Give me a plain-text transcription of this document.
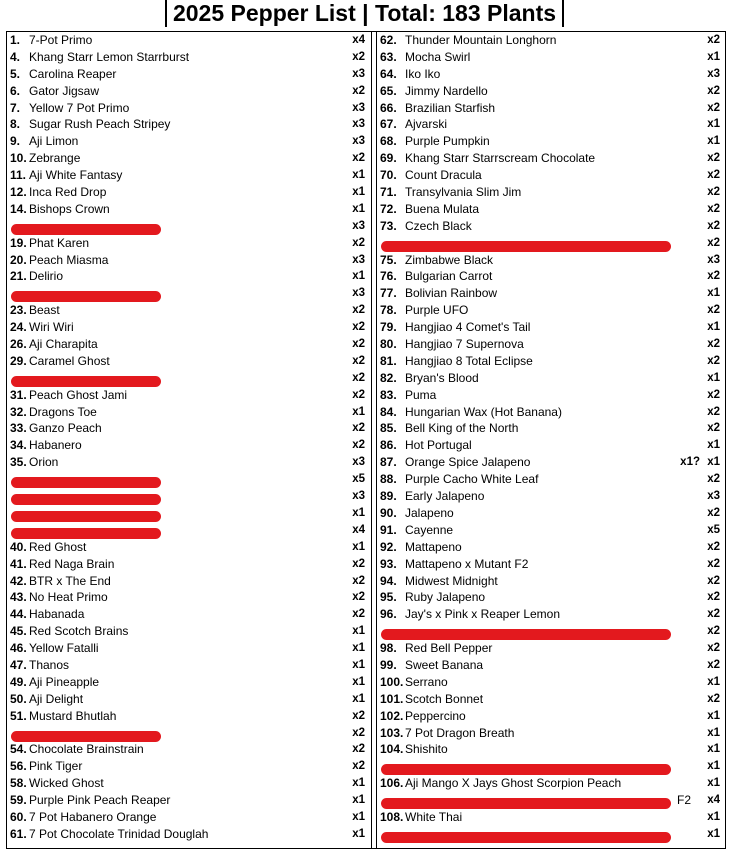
2025 Pepper List | Total: 183 Plants
1. 7-Pot Primo	x4
4. Khang Starr Lemon Starrburst	x2
5. Carolina Reaper	x3
6. Gator Jigsaw	x2
7. Yellow 7 Pot Primo	x3
8. Sugar Rush Peach Stripey	x3
9. Aji Limon	x3
10. Zebrange	x2
11. Aji White Fantasy	x1
12. Inca Red Drop	x1
14. Bishops Crown	x1
x3
19. Phat Karen	x2
20. Peach Miasma	x3
21. Delirio	x1
x3
23. Beast	x2
24. Wiri Wiri	x2
26. Aji Charapita	x2
29. Caramel Ghost	x2
x2
31. Peach Ghost Jami	x2
32. Dragons Toe	x1
33. Ganzo Peach	x2
34. Habanero	x2
35. Orion	x3
x5
x3
x1
x4
40. Red Ghost	x1
41. Red Naga Brain	x2
42. BTR x The End	x2
43. No Heat Primo	x2
44. Habanada	x2
45. Red Scotch Brains	x1
46. Yellow Fatalli	x1
47. Thanos	x1
49. Aji Pineapple	x1
50. Aji Delight	x1
51. Mustard Bhutlah	x2
x2
54. Chocolate Brainstrain	x2
56. Pink Tiger	x2
58. Wicked Ghost	x1
59. Purple Pink Peach Reaper	x1
60. 7 Pot Habanero Orange	x1
61. 7 Pot Chocolate Trinidad Douglah	x1
62. Thunder Mountain Longhorn	x2
63. Mocha Swirl	x1
64. Iko Iko	x3
65. Jimmy Nardello	x2
66. Brazilian Starfish	x2
67. Ajvarski	x1
68. Purple Pumpkin	x1
69. Khang Starr Starrscream Chocolate	x2
70. Count Dracula	x2
71. Transylvania Slim Jim	x2
72. Buena Mulata	x2
73. Czech Black	x2
x2
75. Zimbabwe Black	x3
76. Bulgarian Carrot	x2
77. Bolivian Rainbow	x1
78. Purple UFO	x2
79. Hangjiao 4 Comet's Tail	x1
80. Hangjiao 7 Supernova	x2
81. Hangjiao 8 Total Eclipse	x2
82. Bryan's Blood	x1
83. Puma	x2
84. Hungarian Wax (Hot Banana)	x2
85. Bell King of the North	x2
86. Hot Portugal	x1
87. Orange Spice Jalapeno	x1? x1
88. Purple Cacho White Leaf	x2
89. Early Jalapeno	x3
90. Jalapeno	x2
91. Cayenne	x5
92. Mattapeno	x2
93. Mattapeno x Mutant F2	x2
94. Midwest Midnight	x2
95. Ruby Jalapeno	x2
96. Jay's x Pink x Reaper Lemon	x2
x2
98. Red Bell Pepper	x2
99. Sweet Banana	x2
100. Serrano	x1
101. Scotch Bonnet	x2
102. Peppercino	x1
103. 7 Pot Dragon Breath	x1
104. Shishito	x1
x1
106. Aji Mango X Jays Ghost Scorpion Peach	x1
F2 x4
108. White Thai	x1
x1
